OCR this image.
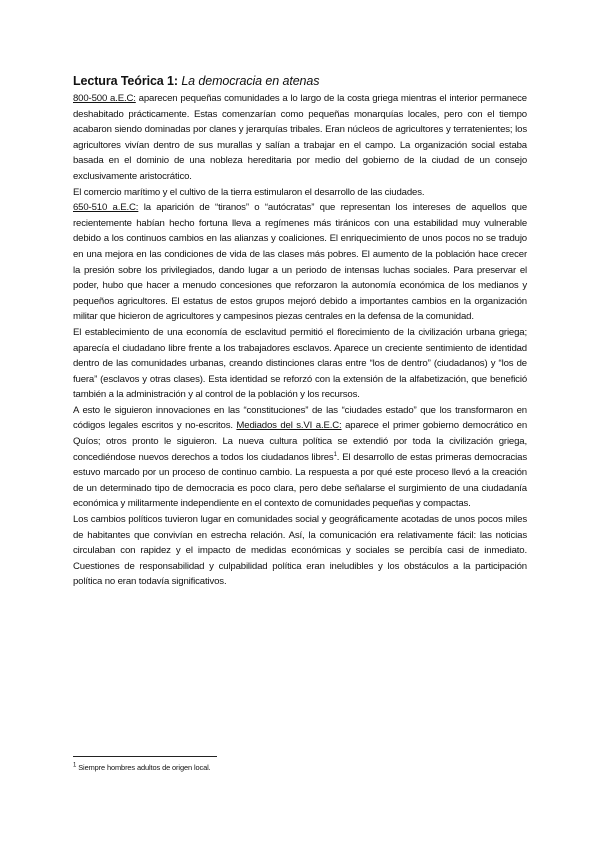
Lectura Teórica 1: La democracia en atenas

800-500 a.E.C: aparecen pequeñas comunidades a lo largo de la costa griega mientras el interior permanece deshabitado prácticamente. Estas comenzarían como pequeñas monarquías locales, pero con el tiempo acabaron siendo dominadas por clanes y jerarquías tribales. Eran núcleos de agricultores y terratenientes; los agricultores vivían dentro de sus murallas y salían a trabajar en el campo. La organización social estaba basada en el dominio de una nobleza hereditaria por medio del gobierno de la ciudad de un consejo exclusivamente aristocrático.

El comercio marítimo y el cultivo de la tierra estimularon el desarrollo de las ciudades.

650-510 a.E.C: la aparición de “tiranos” o “autócratas” que representan los intereses de aquellos que recientemente habían hecho fortuna lleva a regímenes más tiránicos con una estabilidad muy vulnerable debido a los continuos cambios en las alianzas y coaliciones. El enriquecimiento de unos pocos no se tradujo en una mejora en las condiciones de vida de las clases más pobres. El aumento de la población hace crecer la presión sobre los privilegiados, dando lugar a un periodo de intensas luchas sociales. Para preservar el poder, hubo que hacer a menudo concesiones que reforzaron la autonomía económica de los medianos y pequeños agricultores. El estatus de estos grupos mejoró debido a importantes cambios en la organización militar que hicieron de agricultores y campesinos piezas centrales en la defensa de la comunidad.

El establecimiento de una economía de esclavitud permitió el florecimiento de la civilización urbana griega; aparecía el ciudadano libre frente a los trabajadores esclavos. Aparece un creciente sentimiento de identidad dentro de las comunidades urbanas, creando distinciones claras entre “los de dentro” (ciudadanos) y “los de fuera” (esclavos y otras clases). Esta identidad se reforzó con la extensión de la alfabetización, que benefició también a la administración y al control de la población y los recursos.

A esto le siguieron innovaciones en las “constituciones” de las “ciudades estado” que los transformaron en códigos legales escritos y no-escritos. Mediados del s.VI a.E.C: aparece el primer gobierno democrático en Quíos; otros pronto le siguieron. La nueva cultura política se extendió por toda la civilización griega, concediéndose nuevos derechos a todos los ciudadanos libres$^1$. El desarrollo de estas primeras democracias estuvo marcado por un proceso de continuo cambio. La respuesta a por qué este proceso llevó a la creación de un determinado tipo de democracia es poco clara, pero debe señalarse el surgimiento de una ciudadanía económica y militarmente independiente en el contexto de comunidades pequeñas y compactas.

Los cambios políticos tuvieron lugar en comunidades social y geográficamente acotadas de unos pocos miles de habitantes que convivían en estrecha relación. Así, la comunicación era relativamente fácil: las noticias circulaban con rapidez y el impacto de medidas económicas y sociales se percibía casi de inmediato. Cuestiones de responsabilidad y culpabilidad política eran ineludibles y los obstáculos a la participación política no eran todavía significativos.

$^1$ Siempre hombres adultos de origen local.
